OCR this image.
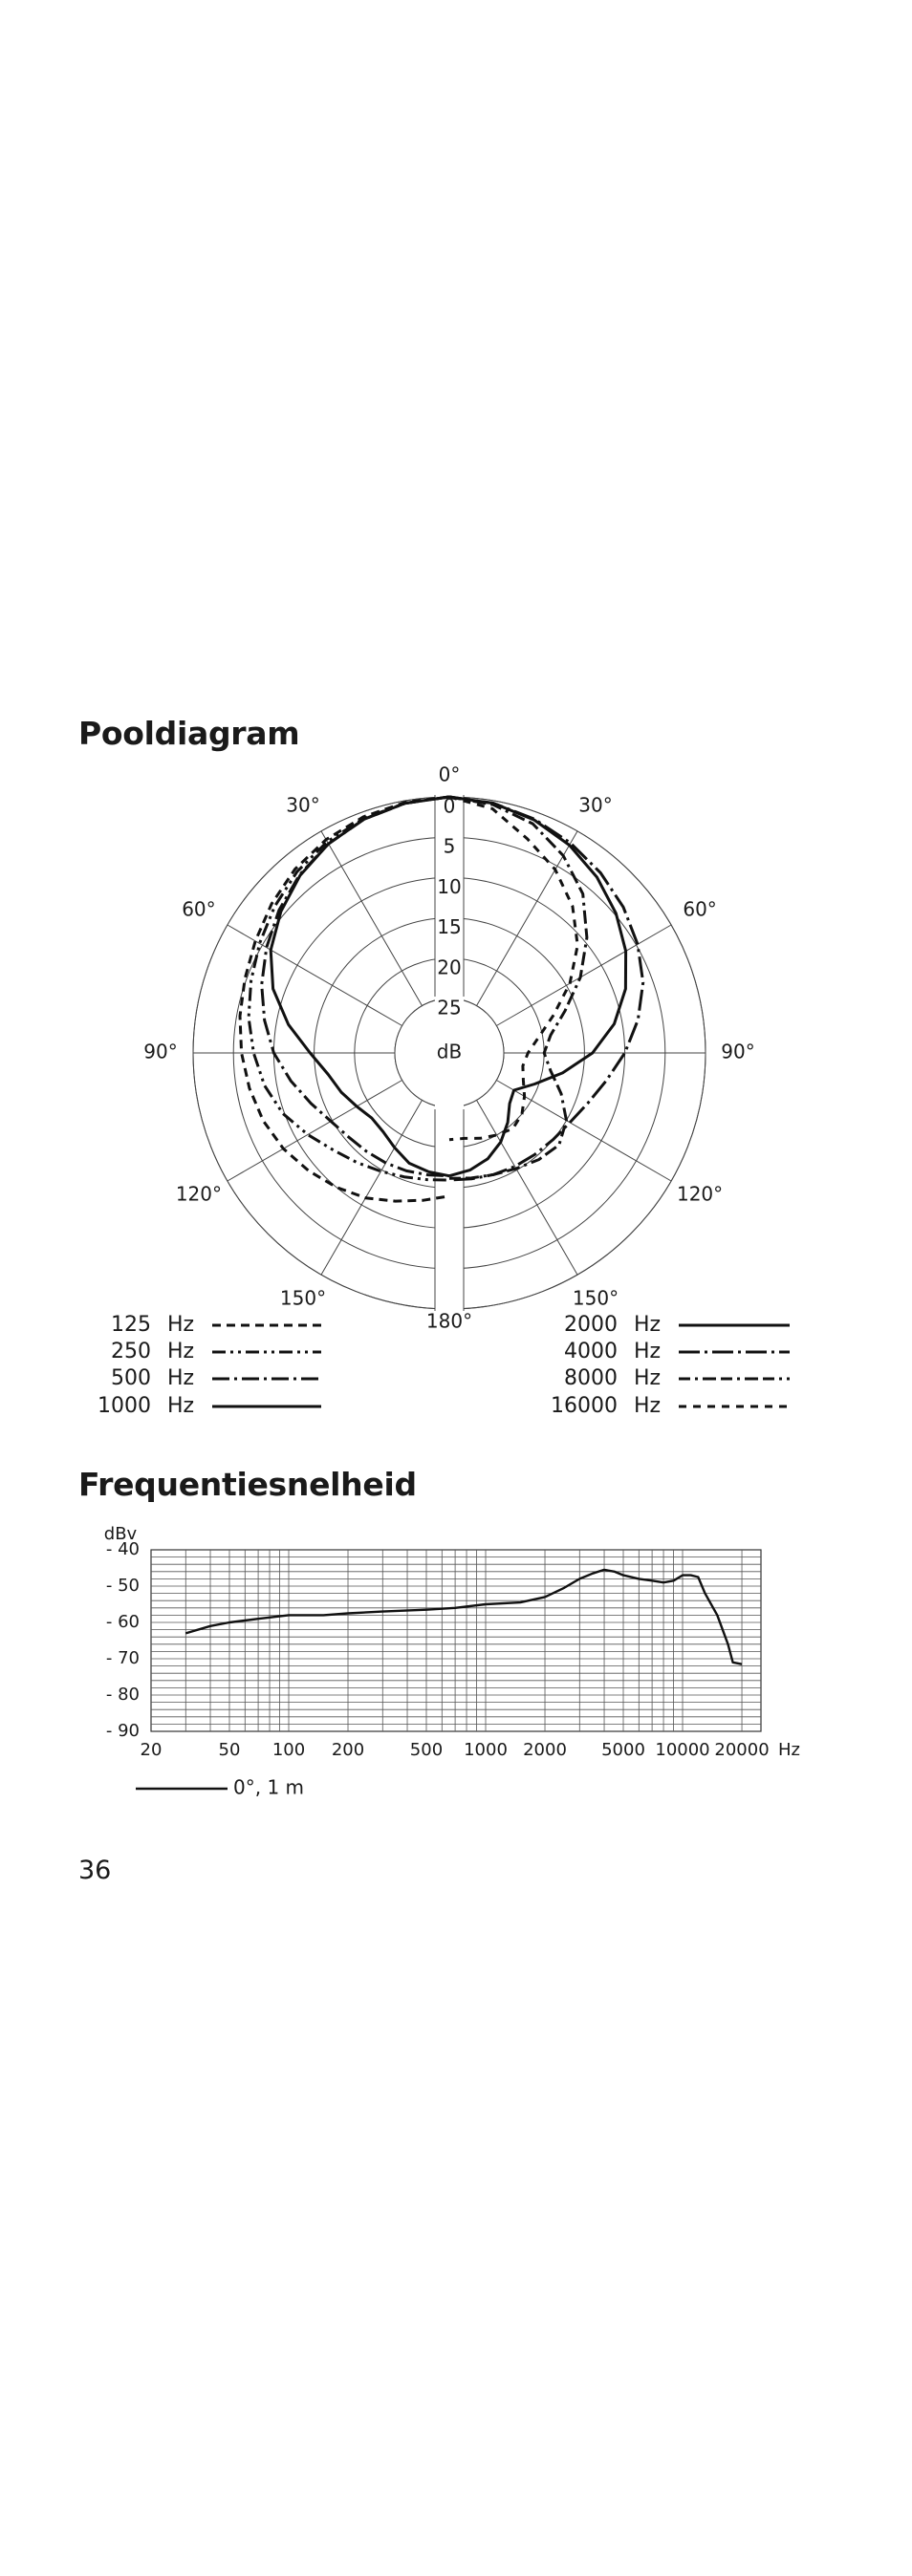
Pooldiagram
0
5
10
15
20
25
dB
0°
180°
30°
30°
60°
60°
90°
90°
120°
120°
150°
150°
125 Hz
250 Hz
500 Hz
1000 Hz
2000 Hz
4000 Hz
8000 Hz
16000 Hz
Frequentiesnelheid
- 40
- 50
- 60
- 70
- 80
- 90
dBv
20	50 100 200	500 1000 2000 5000 10000 20000 Hz
0°, 1 m
36
